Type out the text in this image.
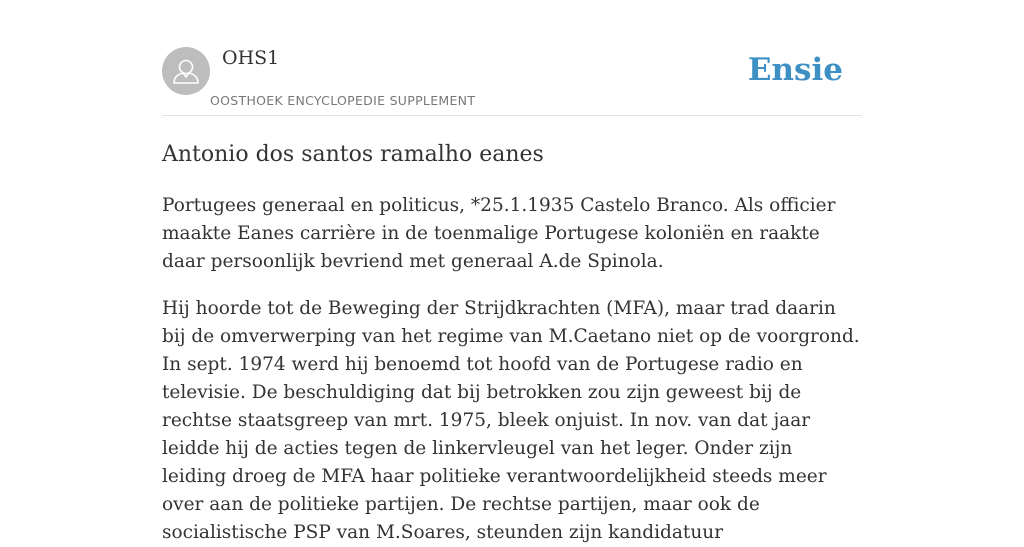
OHS1
OOSTHOEK ENCYCLOPEDIE SUPPLEMENT
Ensie
Antonio dos santos ramalho eanes

Portugees generaal en politicus, *25.1.1935 Castelo Branco. Als officier maakte Eanes carrière in de toenmalige Portugese koloniën en raakte daar persoonlijk bevriend met generaal A.de Spinola.

Hij hoorde tot de Beweging der Strijdkrachten (MFA), maar trad daarin bij de omverwerping van het regime van M.Caetano niet op de voorgrond. In sept. 1974 werd hij benoemd tot hoofd van de Portugese radio en televisie. De beschuldiging dat bij betrokken zou zijn geweest bij de rechtse staatsgreep van mrt. 1975, bleek onjuist. In nov. van dat jaar leidde hij de acties tegen de linkervleugel van het leger. Onder zijn leiding droeg de MFA haar politieke verantwoordelijkheid steeds meer over aan de politieke partijen. De rechtse partijen, maar ook de socialistische PSP van M.Soares, steunden zijn kandidatuur
